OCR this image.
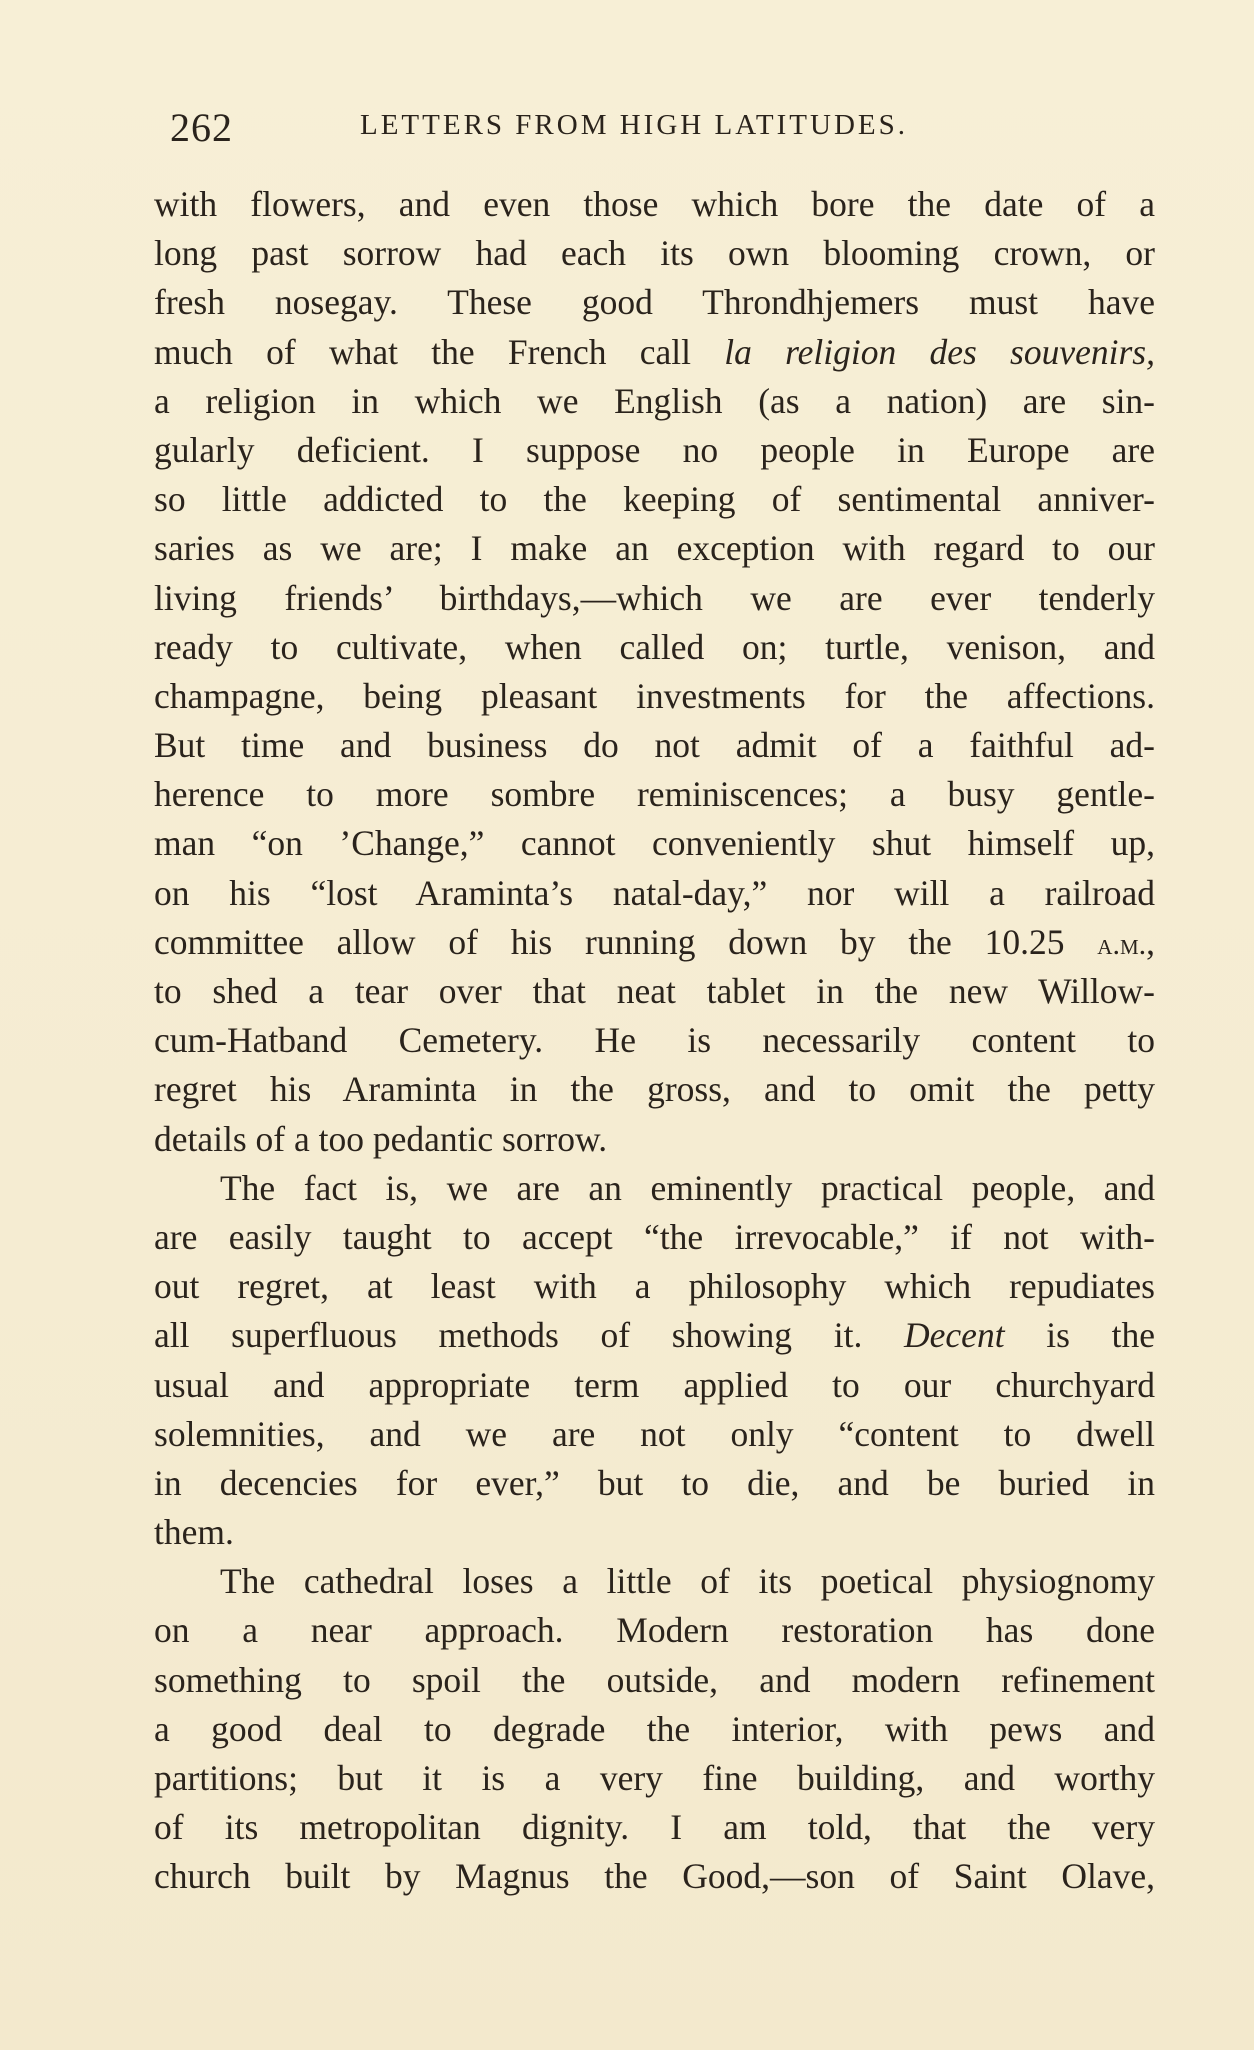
262	LETTERS FROM HIGH LATITUDES.
with flowers, and even those which bore the date of a
long past sorrow had each its own blooming crown, or
fresh nosegay. These good Throndhjemers must have
much of what the French call la religion des souvenirs,
a religion in which we English (as a nation) are sin-
gularly deficient. I suppose no people in Europe are
so little addicted to the keeping of sentimental anniver-
saries as we are; I make an exception with regard to our
living friends’ birthdays,—which we are ever tenderly
ready to cultivate, when called on; turtle, venison, and
champagne, being pleasant investments for the affections.
But time and business do not admit of a faithful ad-
herence to more sombre reminiscences; a busy gentle-
man “on ’Change,” cannot conveniently shut himself up,
on his “lost Araminta’s natal-day,” nor will a railroad
committee allow of his running down by the 10.25 a.m.,
to shed a tear over that neat tablet in the new Willow-
cum-Hatband Cemetery. He is necessarily content to
regret his Araminta in the gross, and to omit the petty
details of a too pedantic sorrow.
The fact is, we are an eminently practical people, and
are easily taught to accept “the irrevocable,” if not with-
out regret, at least with a philosophy which repudiates
all superfluous methods of showing it. Decent is the
usual and appropriate term applied to our churchyard
solemnities, and we are not only “content to dwell
in decencies for ever,” but to die, and be buried in
them.
The cathedral loses a little of its poetical physiognomy
on a near approach. Modern restoration has done
something to spoil the outside, and modern refinement
a good deal to degrade the interior, with pews and
partitions; but it is a very fine building, and worthy
of its metropolitan dignity. I am told, that the very
church built by Magnus the Good,—son of Saint Olave,
